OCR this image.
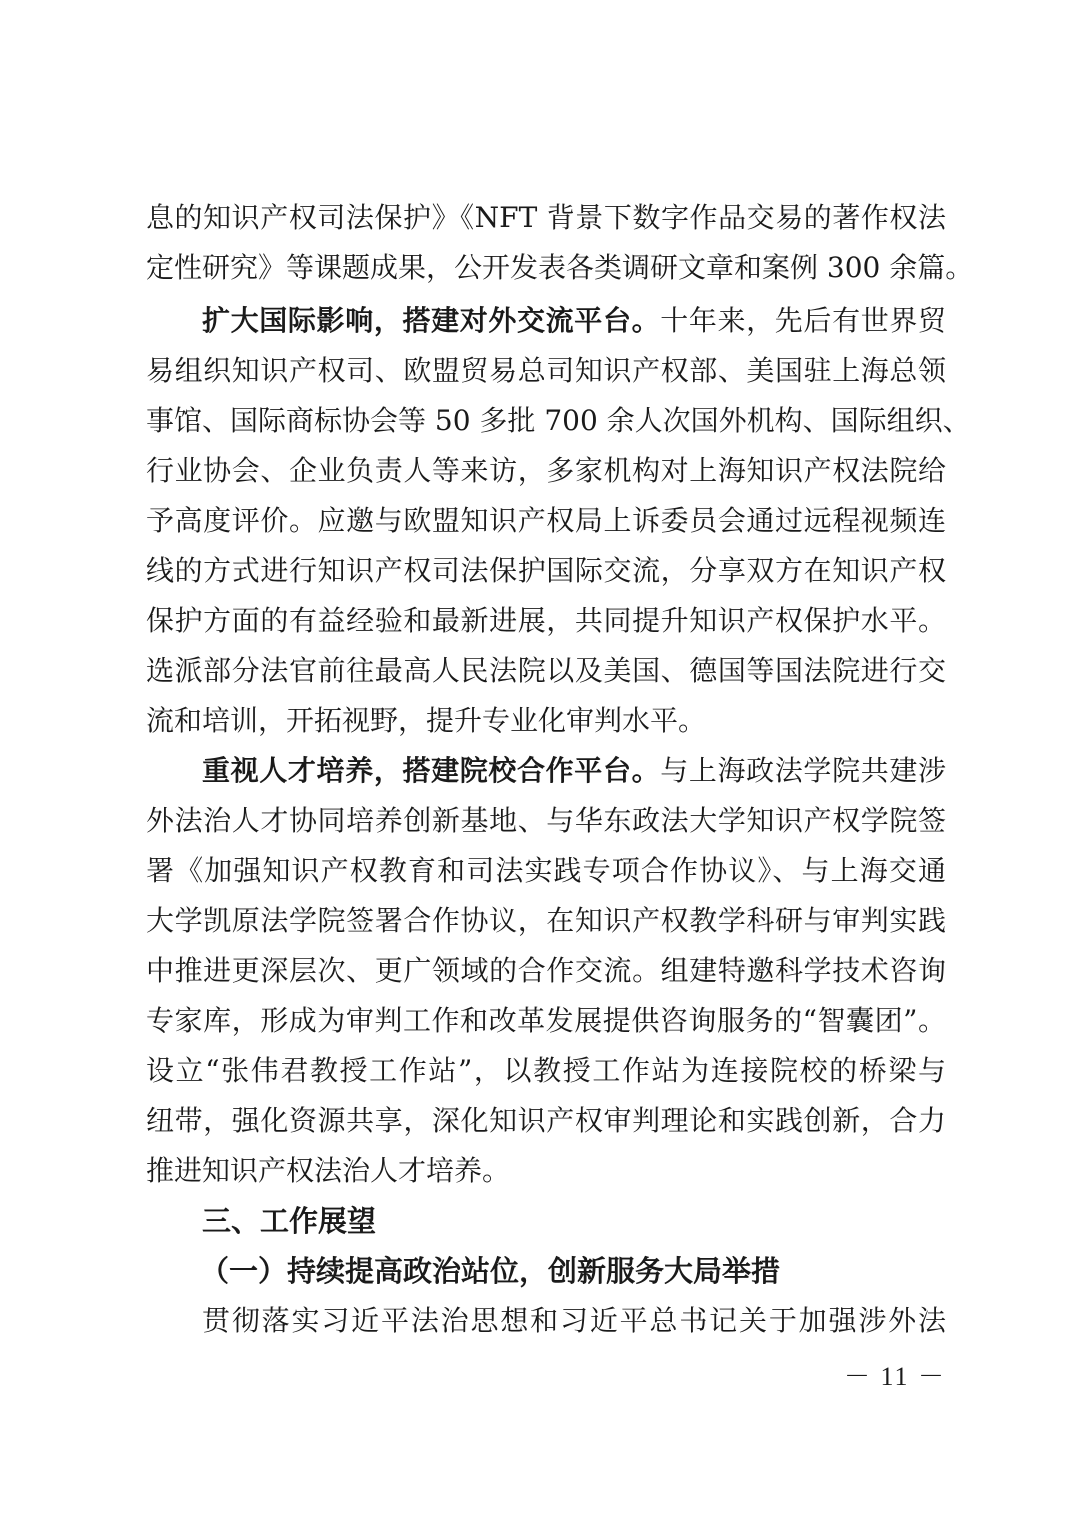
息的知识产权司法保护》《NFT 背景下数字作品交易的著作权法
定性研究》等课题成果，公开发表各类调研文章和案例 300 余篇。
扩大国际影响，搭建对外交流平台。十年来，先后有世界贸
易组织知识产权司、欧盟贸易总司知识产权部、美国驻上海总领
事馆、国际商标协会等 50 多批 700 余人次国外机构、国际组织、
行业协会、企业负责人等来访，多家机构对上海知识产权法院给
予高度评价。应邀与欧盟知识产权局上诉委员会通过远程视频连
线的方式进行知识产权司法保护国际交流，分享双方在知识产权
保护方面的有益经验和最新进展，共同提升知识产权保护水平。
选派部分法官前往最高人民法院以及美国、德国等国法院进行交
流和培训，开拓视野，提升专业化审判水平。
重视人才培养，搭建院校合作平台。与上海政法学院共建涉
外法治人才协同培养创新基地、与华东政法大学知识产权学院签
署《加强知识产权教育和司法实践专项合作协议》、与上海交通
大学凯原法学院签署合作协议，在知识产权教学科研与审判实践
中推进更深层次、更广领域的合作交流。组建特邀科学技术咨询
专家库，形成为审判工作和改革发展提供咨询服务的“智囊团”。
设立“张伟君教授工作站”，以教授工作站为连接院校的桥梁与
纽带，强化资源共享，深化知识产权审判理论和实践创新，合力
推进知识产权法治人才培养。
三、工作展望
（一）持续提高政治站位，创新服务大局举措
贯彻落实习近平法治思想和习近平总书记关于加强涉外法
－ 11 －
